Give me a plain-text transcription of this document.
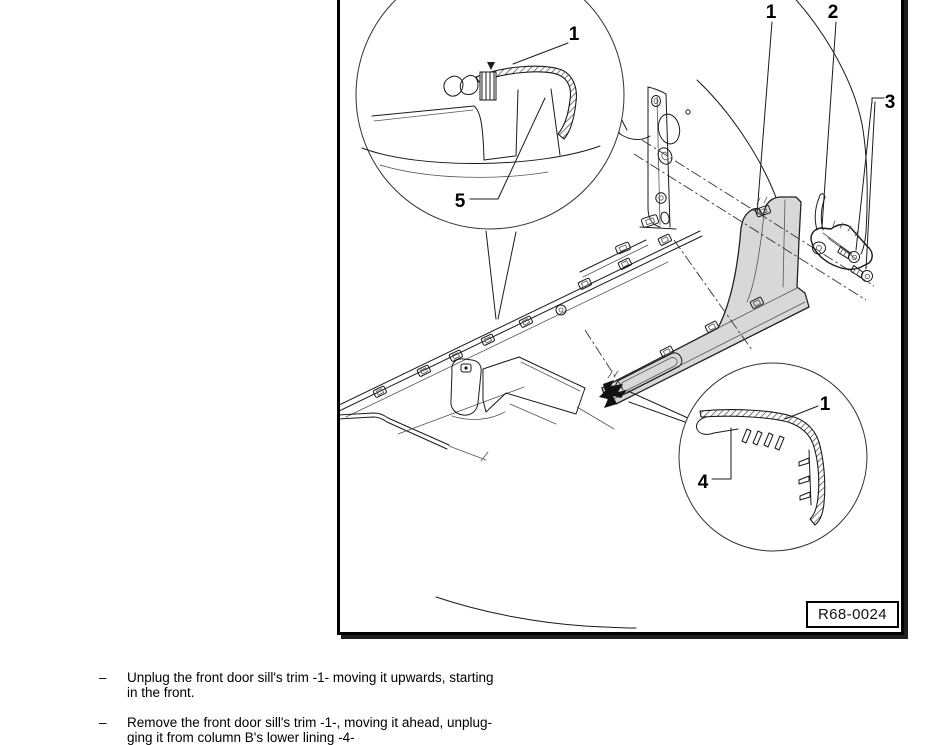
1	2
3
1
5
4
1
R68-0024
–	Unplug the front door sill's trim -1- moving it upwards, starting
in the front.
–	Remove the front door sill's trim -1-, moving it ahead, unplug-
ging it from column B's lower lining -4-
